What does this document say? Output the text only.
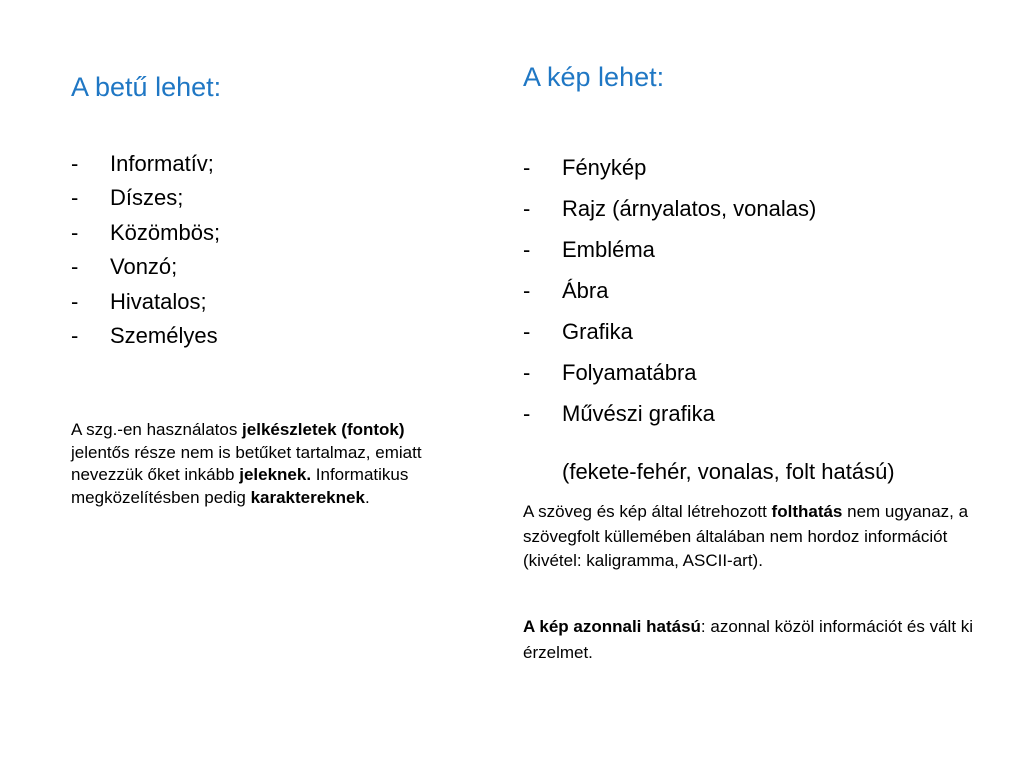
A betű lehet:
- Informatív;
- Díszes;
- Közömbös;
- Vonzó;
- Hivatalos;
- Személyes

A szg.-en használatos jelkészletek (fontok) jelentős része nem is betűket tartalmaz, emiatt nevezzük őket inkább jeleknek. Informatikus megközelítésben pedig karaktereknek.

A kép lehet:
- Fénykép
- Rajz (árnyalatos, vonalas)
- Embléma
- Ábra
- Grafika
- Folyamatábra
- Művészi grafika
(fekete-fehér, vonalas, folt hatású)

A szöveg és kép által létrehozott folthatás nem ugyanaz, a szövegfolt küllemében általában nem hordoz információt
(kivétel: kaligramma, ASCII-art).

A kép azonnali hatású: azonnal közöl információt és vált ki érzelmet.
